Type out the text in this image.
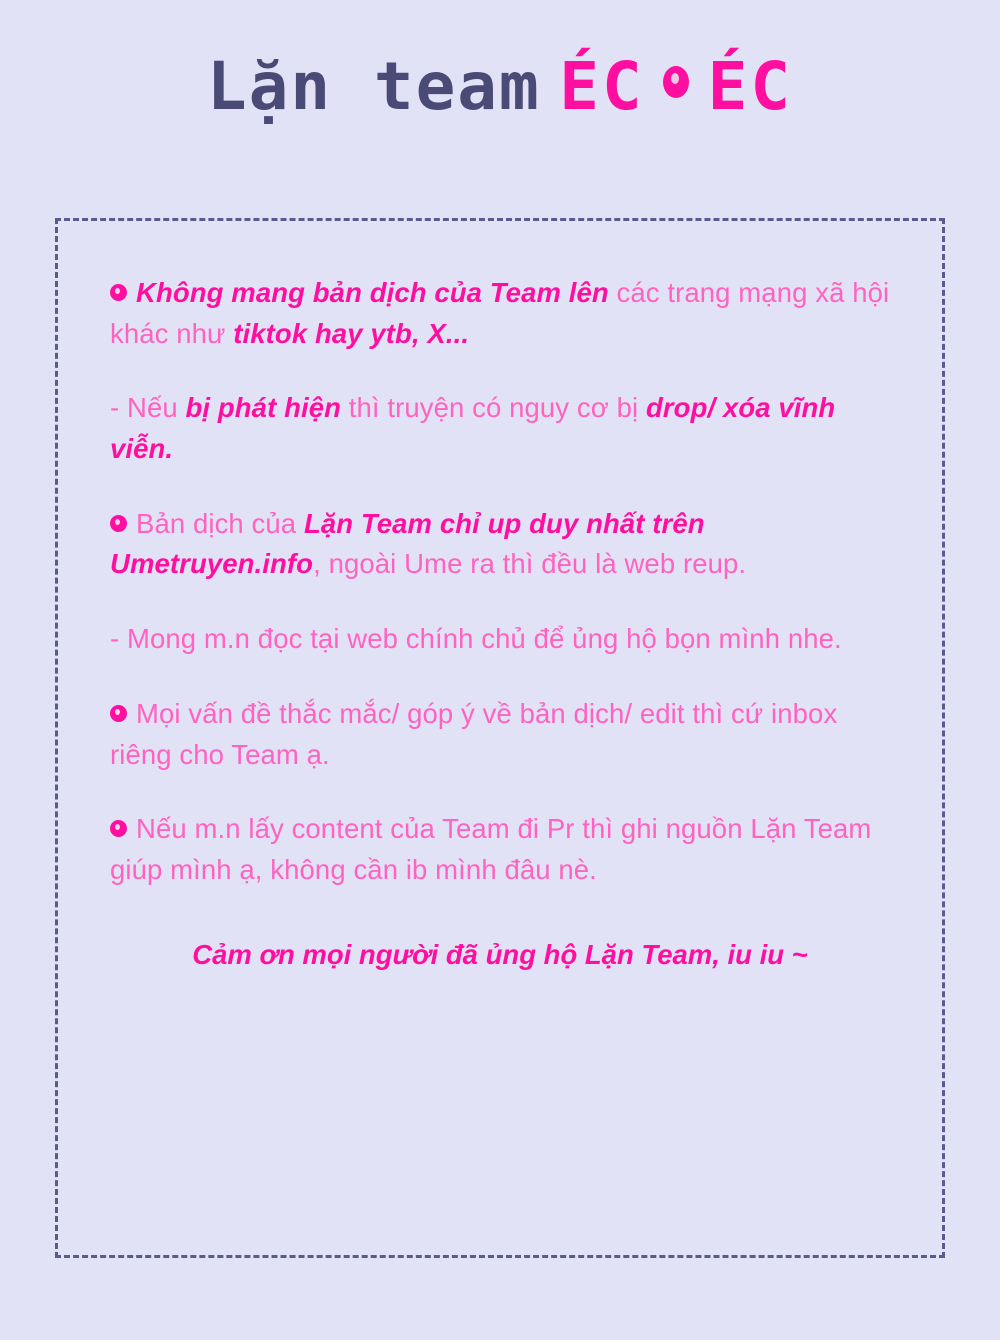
Lặn team ÉC ÉC

Không mang bản dịch của Team lên các trang mạng xã hội khác như tiktok hay ytb, X...

- Nếu bị phát hiện thì truyện có nguy cơ bị drop/ xóa vĩnh viễn.

Bản dịch của Lặn Team chỉ up duy nhất trên Umetruyen.info, ngoài Ume ra thì đều là web reup.

- Mong m.n đọc tại web chính chủ để ủng hộ bọn mình nhe.

Mọi vấn đề thắc mắc/ góp ý về bản dịch/ edit thì cứ inbox riêng cho Team ạ.

Nếu m.n lấy content của Team đi Pr thì ghi nguồn Lặn Team giúp mình ạ, không cần ib mình đâu nè.

Cảm ơn mọi người đã ủng hộ Lặn Team, iu iu ~
